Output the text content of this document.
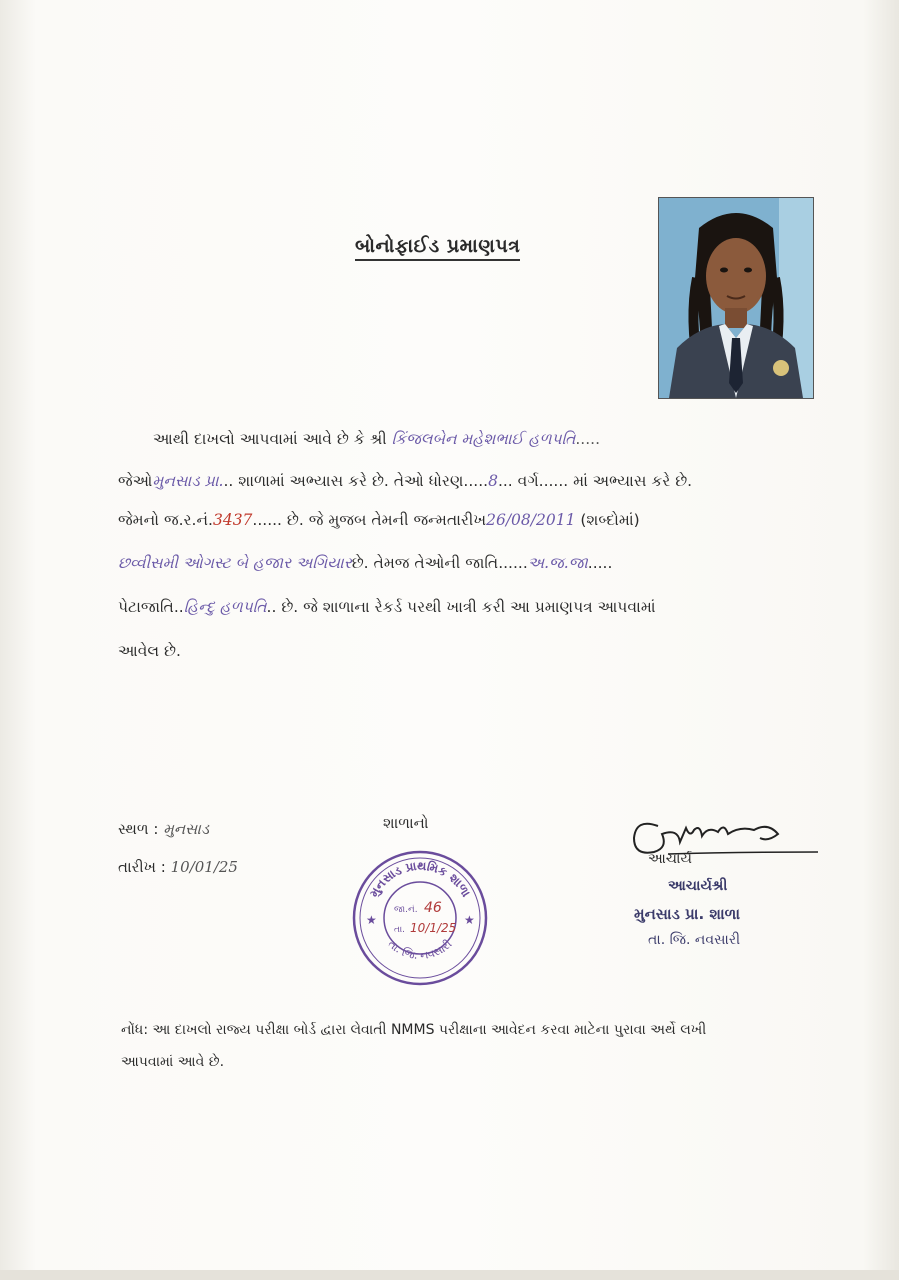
બોનોફાઈડ પ્રમાણપત્ર
આથી દાખલો આપવામાં આવે છે કે શ્રી કિંજલબેન મહેશભાઈ હળપતિ.....
જેઓમુનસાડ પ્રા... શાળામાં અભ્યાસ કરે છે. તેઓ ધોરણ.....8... વર્ગ...... માં અભ્યાસ કરે છે.
જેમનો જ.ર.નં.3437...... છે. જે મુજબ તેમની જન્મતારીખ26/08/2011 (શબ્દોમાં)
છવ્વીસમી ઓગસ્ટ બે હજાર અગિયારછે. તેમજ તેઓની જાતિ......અ.જ.જા.....
પેટાજાતિ..હિન્દુ હળપતિ.. છે. જે શાળાના રેકર્ડ પરથી ખાત્રી કરી આ પ્રમાણપત્ર આપવામાં
આવેલ છે.
સ્થળ : મુનસાડ
તારીખ : 10/01/25
શાળાનો
મુનસાડ પ્રાથમિક શાળા
તા. જિ. નવસારી
★	★
જા.નં. 46
તા. 10/1/25
આચાર્ય
આચાર્યશ્રી
મુનસાડ પ્રા. શાળા
તા. જિ. નવસારી
નોંધ: આ દાખલો રાજ્ય પરીક્ષા બોર્ડ દ્વારા લેવાતી NMMS પરીક્ષાના આવેદન કરવા માટેના પુરાવા અર્થે લખી
આપવામાં આવે છે.
